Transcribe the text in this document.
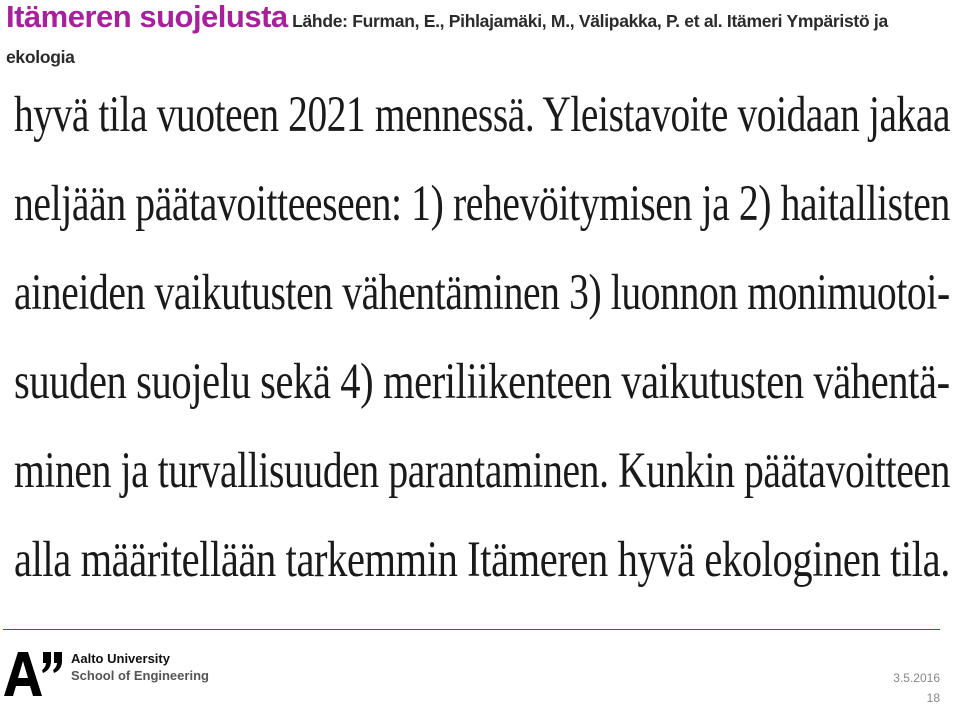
Itämeren suojelusta Lähde: Furman, E., Pihlajamäki, M., Välipakka, P. et al. Itämeri Ympäristö ja ekologia
hyvä tila vuoteen 2021 mennessä. Yleistavoite voidaan jakaa
neljään päätavoitteeseen: 1) rehevöitymisen ja 2) haitallisten
aineiden vaikutusten vähentäminen 3) luonnon monimuotoi-
suuden suojelu sekä 4) meriliikenteen vaikutusten vähentä-
minen ja turvallisuuden parantaminen. Kunkin päätavoitteen
alla määritellään tarkemmin Itämeren hyvä ekologinen tila.
Aalto University
School of Engineering	3.5.2016
18
